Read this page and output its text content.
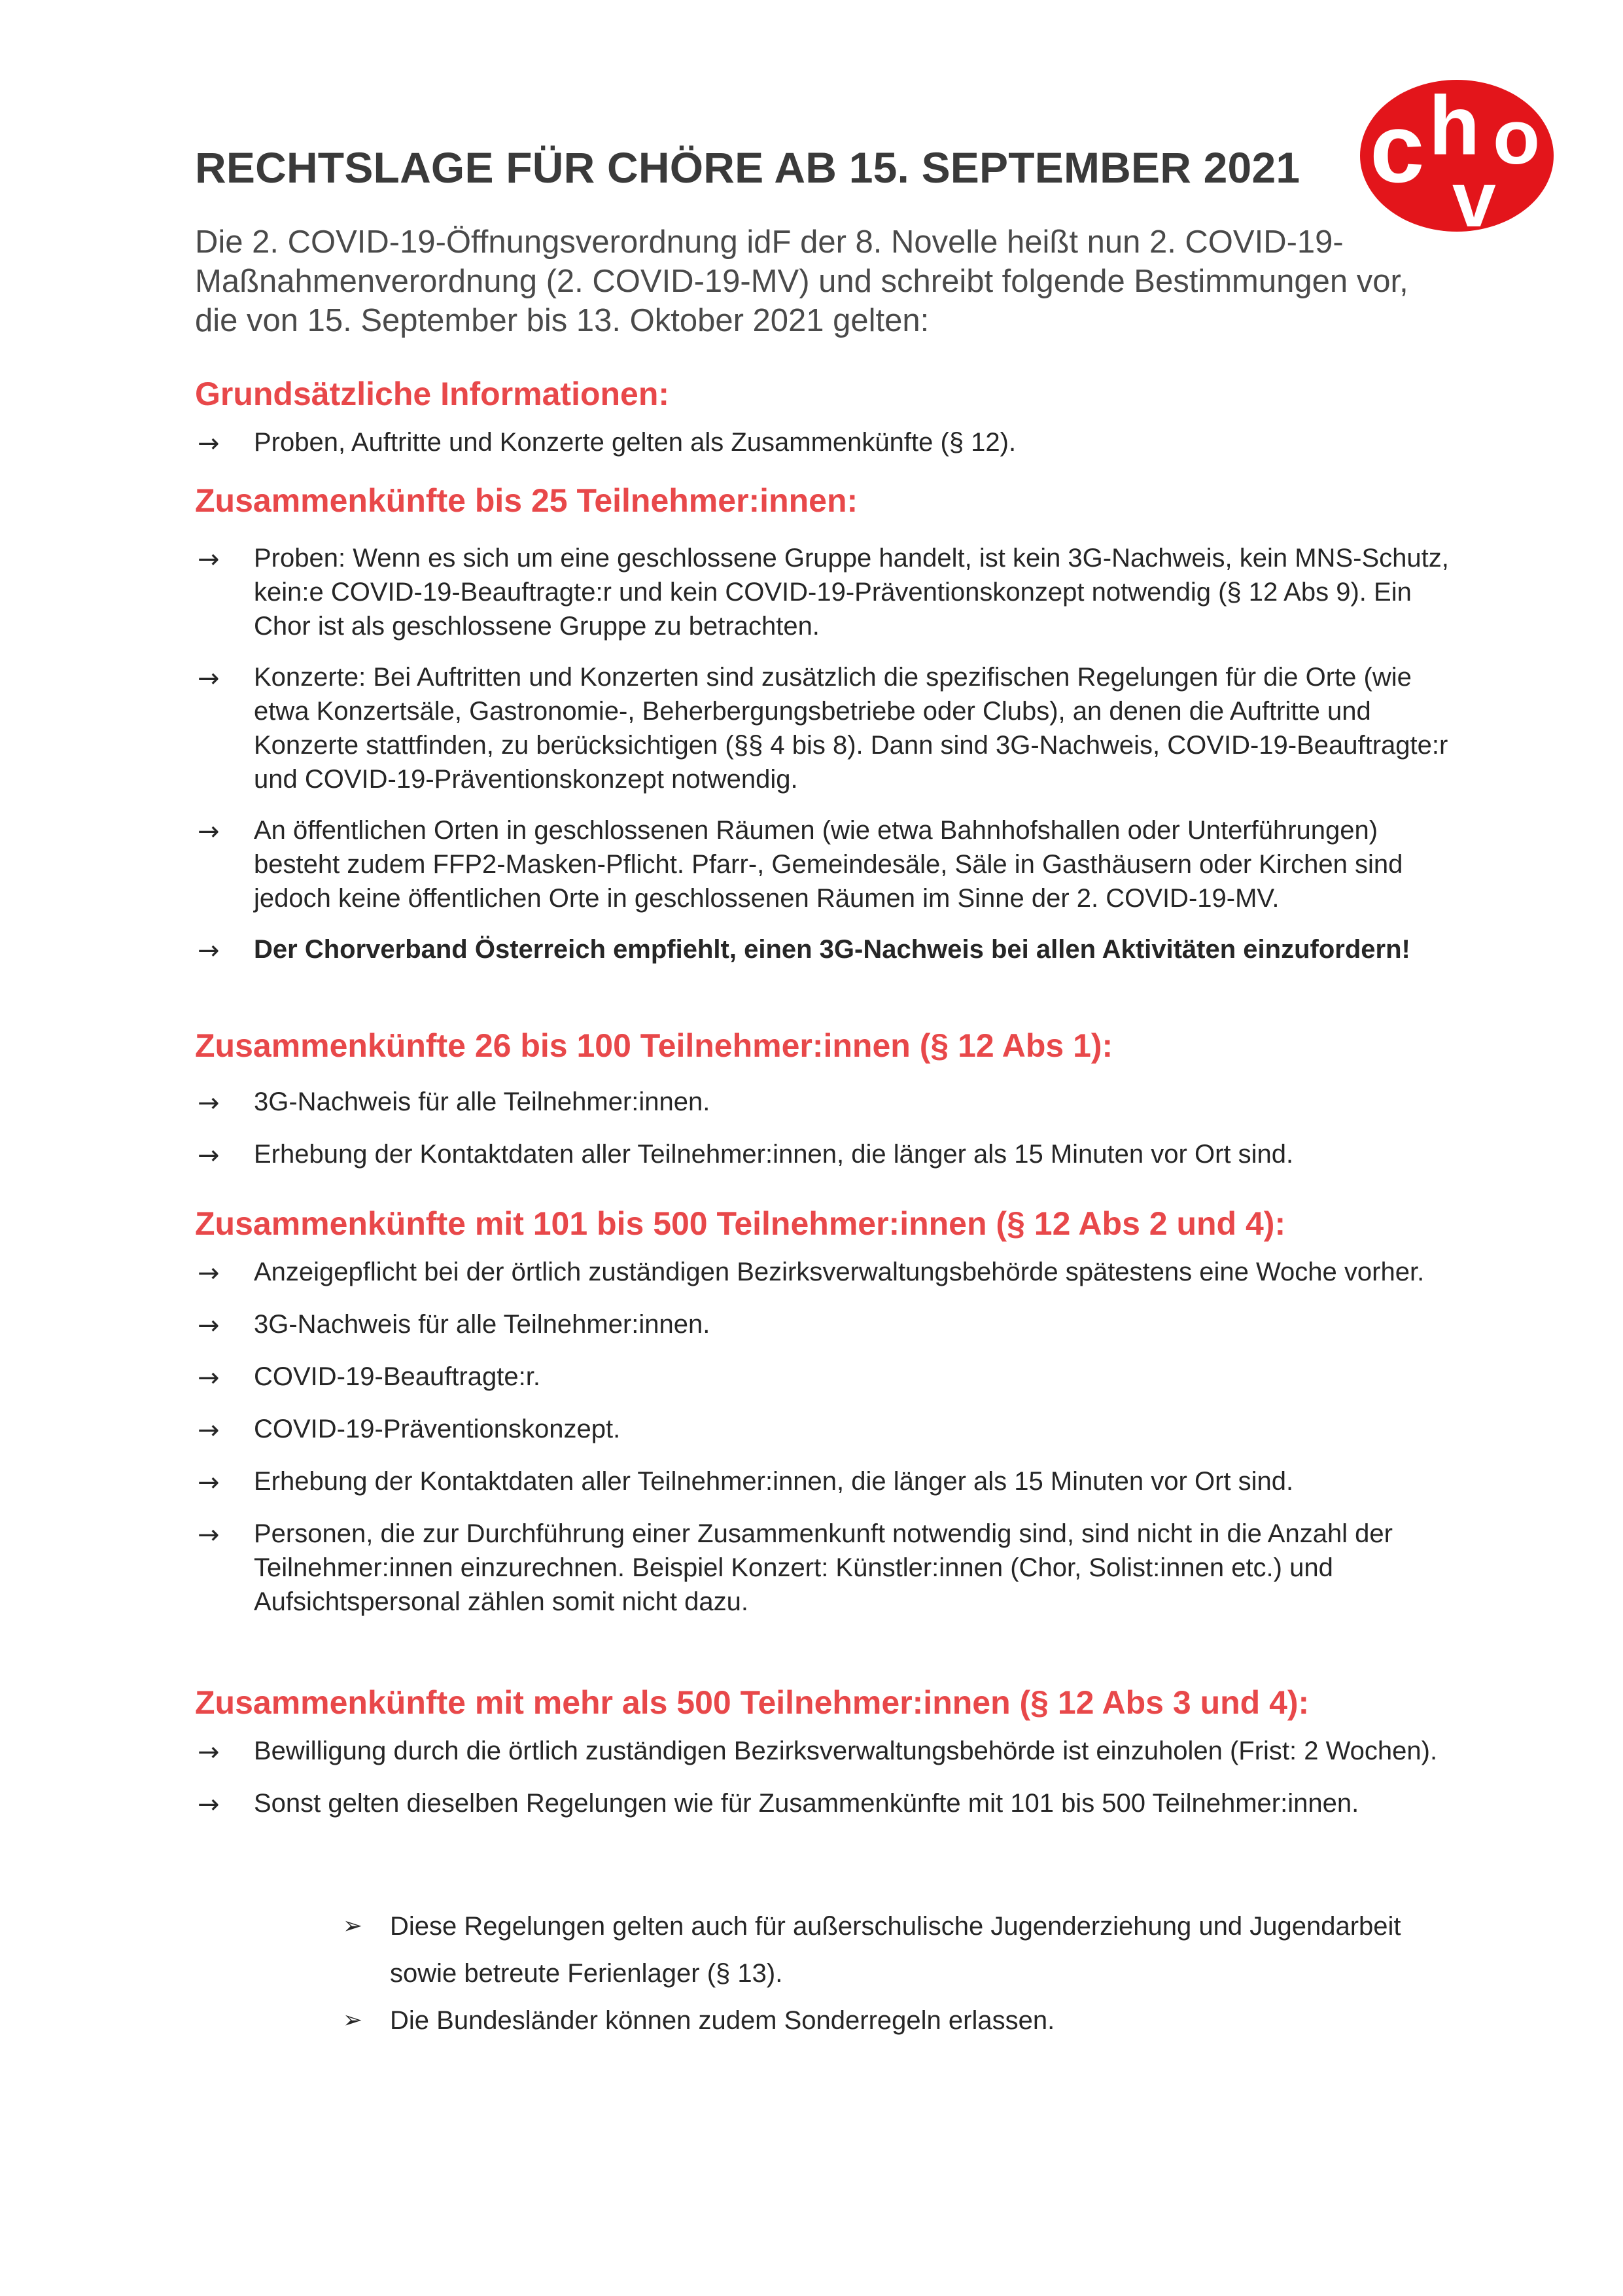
c h o
v
RECHTSLAGE FÜR CHÖRE AB 15. SEPTEMBER 2021

Die 2. COVID-19-Öffnungsverordnung idF der 8. Novelle heißt nun 2. COVID-19-Maßnahmenverordnung (2. COVID-19-MV) und schreibt folgende Bestimmungen vor, die von 15. September bis 13. Oktober 2021 gelten:

Grundsätzliche Informationen:
→ Proben, Auftritte und Konzerte gelten als Zusammenkünfte (§ 12).
Zusammenkünfte bis 25 Teilnehmer:innen:
→ Proben: Wenn es sich um eine geschlossene Gruppe handelt, ist kein 3G-Nachweis, kein MNS-Schutz, kein:e COVID-19-Beauftragte:r und kein COVID-19-Präventionskonzept notwendig (§ 12 Abs 9). Ein Chor ist als geschlossene Gruppe zu betrachten.
→ Konzerte: Bei Auftritten und Konzerten sind zusätzlich die spezifischen Regelungen für die Orte (wie etwa Konzertsäle, Gastronomie-, Beherbergungsbetriebe oder Clubs), an denen die Auftritte und Konzerte stattfinden, zu berücksichtigen (§§ 4 bis 8). Dann sind 3G-Nachweis, COVID-19-Beauftragte:r und COVID-19-Präventionskonzept notwendig.
→ An öffentlichen Orten in geschlossenen Räumen (wie etwa Bahnhofshallen oder Unterführungen) besteht zudem FFP2-Masken-Pflicht. Pfarr-, Gemeindesäle, Säle in Gasthäusern oder Kirchen sind jedoch keine öffentlichen Orte in geschlossenen Räumen im Sinne der 2. COVID-19-MV.
→ Der Chorverband Österreich empfiehlt, einen 3G-Nachweis bei allen Aktivitäten einzufordern!
Zusammenkünfte 26 bis 100 Teilnehmer:innen (§ 12 Abs 1):
→ 3G-Nachweis für alle Teilnehmer:innen.
→ Erhebung der Kontaktdaten aller Teilnehmer:innen, die länger als 15 Minuten vor Ort sind.
Zusammenkünfte mit 101 bis 500 Teilnehmer:innen (§ 12 Abs 2 und 4):
→ Anzeigepflicht bei der örtlich zuständigen Bezirksverwaltungsbehörde spätestens eine Woche vorher.
→ 3G-Nachweis für alle Teilnehmer:innen.
→ COVID-19-Beauftragte:r.
→ COVID-19-Präventionskonzept.
→ Erhebung der Kontaktdaten aller Teilnehmer:innen, die länger als 15 Minuten vor Ort sind.
→ Personen, die zur Durchführung einer Zusammenkunft notwendig sind, sind nicht in die Anzahl der Teilnehmer:innen einzurechnen. Beispiel Konzert: Künstler:innen (Chor, Solist:innen etc.) und Aufsichtspersonal zählen somit nicht dazu.
Zusammenkünfte mit mehr als 500 Teilnehmer:innen (§ 12 Abs 3 und 4):
→ Bewilligung durch die örtlich zuständigen Bezirksverwaltungsbehörde ist einzuholen (Frist: 2 Wochen).
→ Sonst gelten dieselben Regelungen wie für Zusammenkünfte mit 101 bis 500 Teilnehmer:innen.
➢ Diese Regelungen gelten auch für außerschulische Jugenderziehung und Jugendarbeit sowie betreute Ferienlager (§ 13).
➢ Die Bundesländer können zudem Sonderregeln erlassen.
